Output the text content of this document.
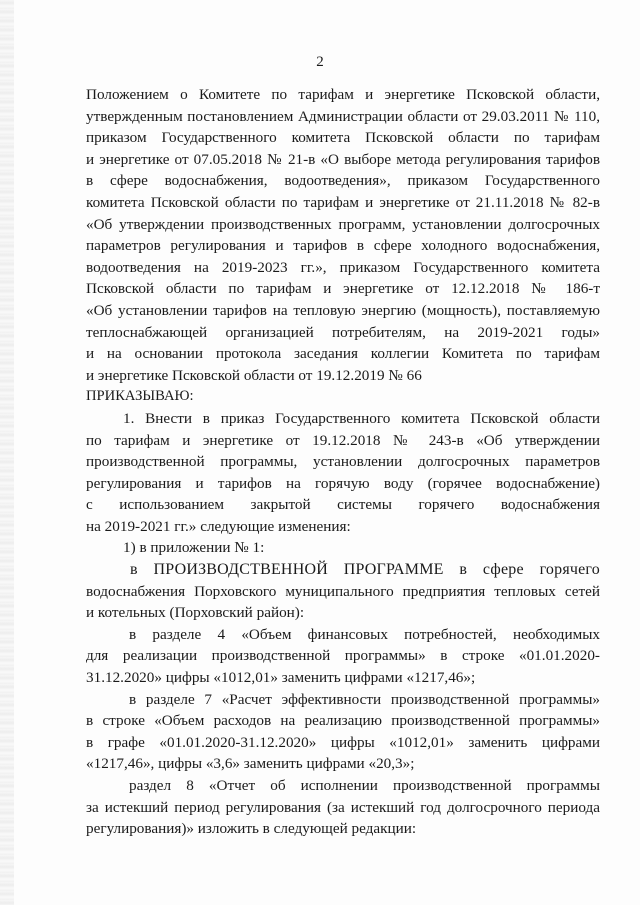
2
Положением о Комитете по тарифам и энергетике Псковской области,
утвержденным постановлением Администрации области от 29.03.2011 № 110,
приказом Государственного комитета Псковской области по тарифам
и энергетике от 07.05.2018 № 21-в «О выборе метода регулирования тарифов
в сфере водоснабжения, водоотведения», приказом Государственного
комитета Псковской области по тарифам и энергетике от 21.11.2018 № 82-в
«Об утверждении производственных программ, установлении долгосрочных
параметров регулирования и тарифов в сфере холодного водоснабжения,
водоотведения на 2019-2023 гг.», приказом Государственного комитета
Псковской области по тарифам и энергетике от 12.12.2018 № 186-т
«Об установлении тарифов на тепловую энергию (мощность), поставляемую
теплоснабжающей организацией потребителям, на 2019-2021 годы»
и на основании протокола заседания коллегии Комитета по тарифам
и энергетике Псковской области от 19.12.2019 № 66
ПРИКАЗЫВАЮ:
1. Внести в приказ Государственного комитета Псковской области
по тарифам и энергетике от 19.12.2018 № 243-в «Об утверждении
производственной программы, установлении долгосрочных параметров
регулирования и тарифов на горячую воду (горячее водоснабжение)
с использованием закрытой системы горячего водоснабжения
на 2019-2021 гг.» следующие изменения:
1) в приложении № 1:
в ПРОИЗВОДСТВЕННОЙ ПРОГРАММЕ в сфере горячего
водоснабжения Порховского муниципального предприятия тепловых сетей
и котельных (Порховский район):
в разделе 4 «Объем финансовых потребностей, необходимых
для реализации производственной программы» в строке «01.01.2020-
31.12.2020» цифры «1012,01» заменить цифрами «1217,46»;
в разделе 7 «Расчет эффективности производственной программы»
в строке «Объем расходов на реализацию производственной программы»
в графе «01.01.2020-31.12.2020» цифры «1012,01» заменить цифрами
«1217,46», цифры «3,6» заменить цифрами «20,3»;
раздел 8 «Отчет об исполнении производственной программы
за истекший период регулирования (за истекший год долгосрочного периода
регулирования)» изложить в следующей редакции:
